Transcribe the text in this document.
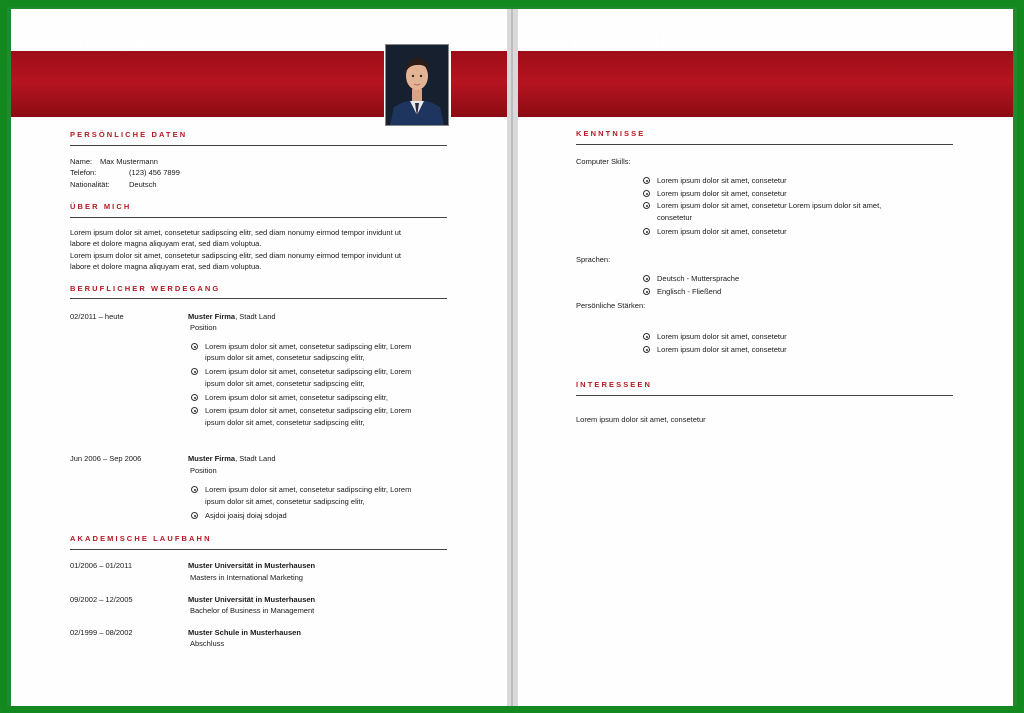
LEBENSLAUF
PERSÖNLICHE DATEN
Name: Max Mustermann
Telefon:	(123) 456 7899
Nationalität:	Deutsch
ÜBER MICH
Lorem ipsum dolor sit amet, consetetur sadipscing elitr, sed diam nonumy eirmod tempor invidunt ut
labore et dolore magna aliquyam erat, sed diam voluptua.
Lorem ipsum dolor sit amet, consetetur sadipscing elitr, sed diam nonumy eirmod tempor invidunt ut
labore et dolore magna aliquyam erat, sed diam voluptua.
BERUFLICHER WERDEGANG
02/2011 – heute	Muster Firma, Stadt Land
Position
Lorem ipsum dolor sit amet, consetetur sadipscing elitr, Lorem
ipsum dolor sit amet, consetetur sadipscing elitr,
Lorem ipsum dolor sit amet, consetetur sadipscing elitr, Lorem
ipsum dolor sit amet, consetetur sadipscing elitr,
Lorem ipsum dolor sit amet, consetetur sadipscing elitr,
Lorem ipsum dolor sit amet, consetetur sadipscing elitr, Lorem
ipsum dolor sit amet, consetetur sadipscing elitr,
Jun 2006 – Sep 2006	Muster Firma, Stadt Land
Position
Lorem ipsum dolor sit amet, consetetur sadipscing elitr, Lorem
ipsum dolor sit amet, consetetur sadipscing elitr,
Asjdoi joaisj doiaj sdojad
AKADEMISCHE LAUFBAHN
01/2006 – 01/2011	Muster Universität in Musterhausen
Masters in International Marketing
09/2002 – 12/2005	Muster Universität in Musterhausen
Bachelor of Business in Management
02/1999 – 08/2002	Muster Schule in Musterhausen
Abschluss
LEBENSLAUF
KENNTNISSE
Computer Skills:
Lorem ipsum dolor sit amet, consetetur
Lorem ipsum dolor sit amet, consetetur
Lorem ipsum dolor sit amet, consetetur Lorem ipsum dolor sit amet,
consetetur
Lorem ipsum dolor sit amet, consetetur
Sprachen:
Deutsch - Muttersprache
Englisch - Fließend
Persönliche Stärken:
Lorem ipsum dolor sit amet, consetetur
Lorem ipsum dolor sit amet, consetetur
INTERESSEEN
Lorem ipsum dolor sit amet, consetetur
